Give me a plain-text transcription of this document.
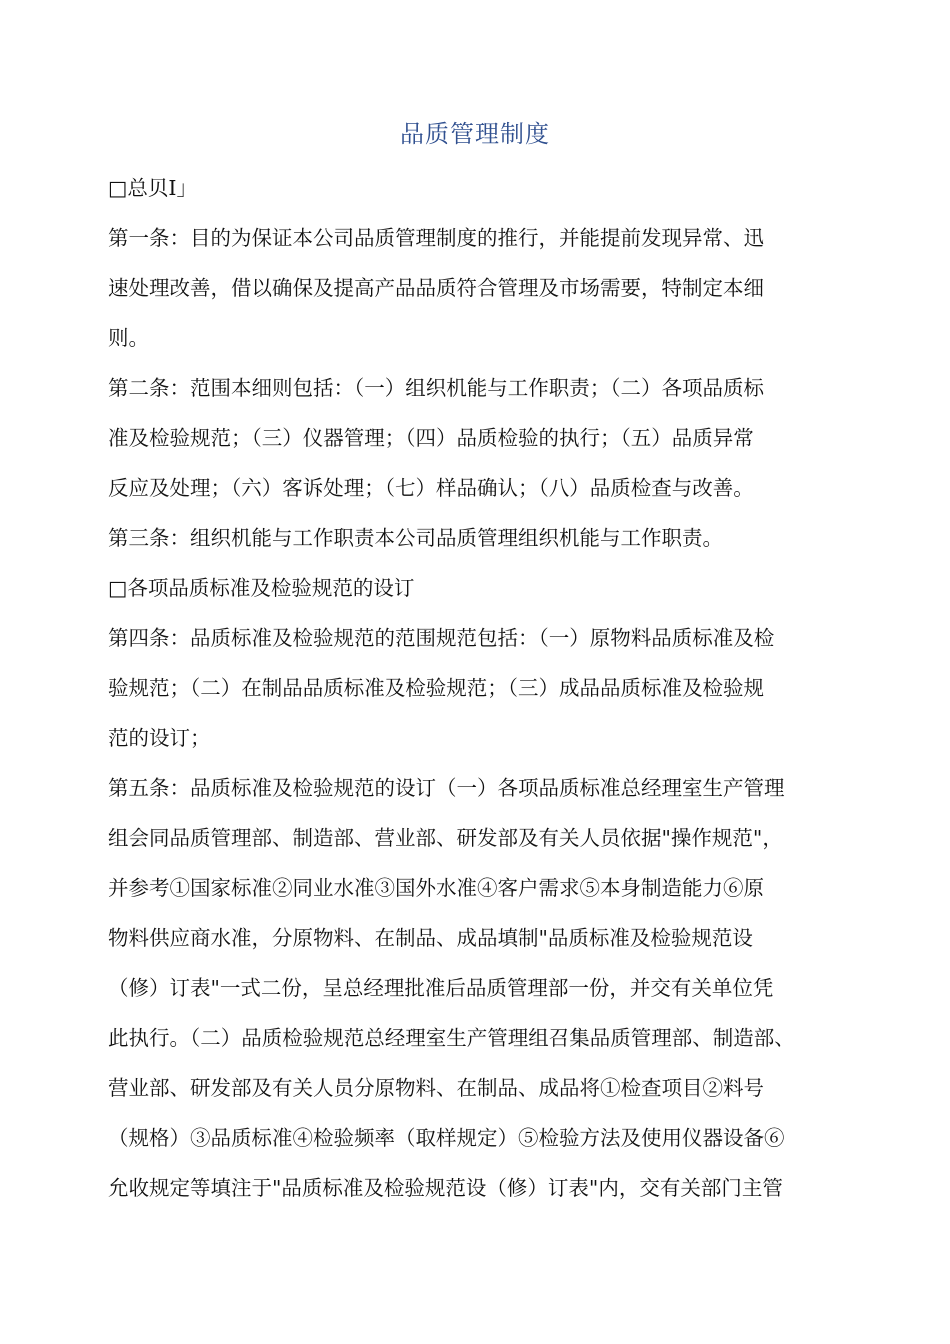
品质管理制度
□总贝I」
第一条：目的为保证本公司品质管理制度的推行，并能提前发现异常、迅
速处理改善，借以确保及提高产品品质符合管理及市场需要，特制定本细
则。
第二条：范围本细则包括：（一）组织机能与工作职责；（二）各项品质标
准及检验规范；（三）仪器管理；（四）品质检验的执行；（五）品质异常
反应及处理；（六）客诉处理；（七）样品确认；（八）品质检查与改善。
第三条：组织机能与工作职责本公司品质管理组织机能与工作职责。
□各项品质标准及检验规范的设订
第四条：品质标准及检验规范的范围规范包括：（一）原物料品质标准及检
验规范；（二）在制品品质标准及检验规范；（三）成品品质标准及检验规
范的设订；
第五条：品质标准及检验规范的设订（一）各项品质标准总经理室生产管理
组会同品质管理部、制造部、营业部、研发部及有关人员依据"操作规范"，
并参考①国家标准②同业水准③国外水准④客户需求⑤本身制造能力⑥原
物料供应商水准，分原物料、在制品、成品填制"品质标准及检验规范设
（修）订表"一式二份，呈总经理批准后品质管理部一份，并交有关单位凭
此执行。（二）品质检验规范总经理室生产管理组召集品质管理部、制造部、
营业部、研发部及有关人员分原物料、在制品、成品将①检查项目②料号
（规格）③品质标准④检验频率（取样规定）⑤检验方法及使用仪器设备⑥
允收规定等填注于"品质标准及检验规范设（修）订表"内，交有关部门主管
